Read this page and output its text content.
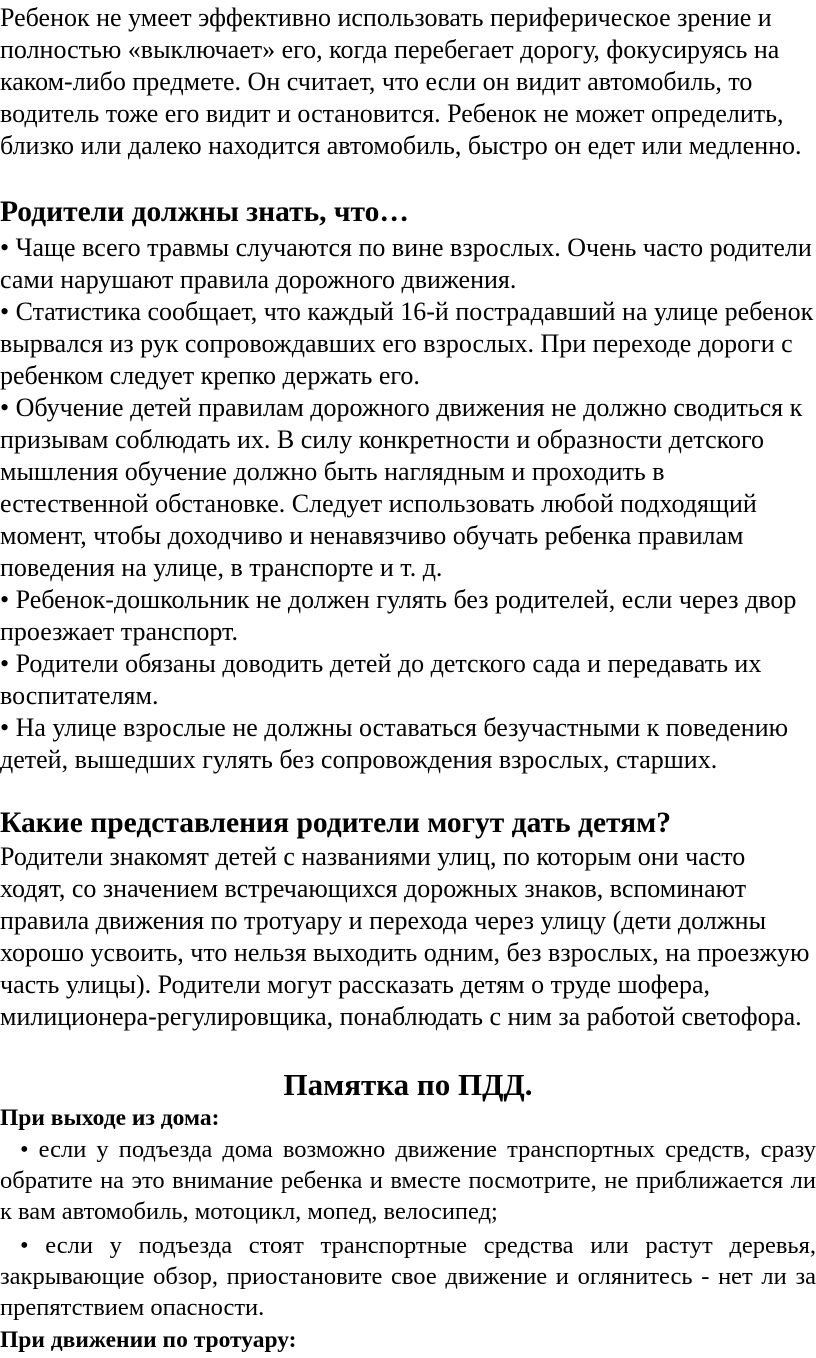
Ребенок не умеет эффективно использовать периферическое зрение и полностью «выключает» его, когда перебегает дорогу, фокусируясь на каком-либо предмете. Он считает, что если он видит автомобиль, то водитель тоже его видит и остановится. Ребенок не может определить, близко или далеко находится автомобиль, быстро он едет или медленно.

Родители должны знать, что…

• Чаще всего травмы случаются по вине взрослых. Очень часто родители сами нарушают правила дорожного движения.

• Статистика сообщает, что каждый 16-й пострадавший на улице ребенок вырвался из рук сопровождавших его взрослых. При переходе дороги с ребенком следует крепко держать его.

• Обучение детей правилам дорожного движения не должно сводиться к призывам соблюдать их. В силу конкретности и образности детского мышления обучение должно быть наглядным и проходить в естественной обстановке. Следует использовать любой подходящий момент, чтобы доходчиво и ненавязчиво обучать ребенка правилам поведения на улице, в транспорте и т. д.

• Ребенок-дошкольник не должен гулять без родителей, если через двор проезжает транспорт.

• Родители обязаны доводить детей до детского сада и передавать их воспитателям.

• На улице взрослые не должны оставаться безучастными к поведению детей, вышедших гулять без сопровождения взрослых, старших.

Какие представления родители могут дать детям?

Родители знакомят детей с названиями улиц, по которым они часто ходят, со значением встречающихся дорожных знаков, вспоминают правила движения по тротуару и перехода через улицу (дети должны хорошо усвоить, что нельзя выходить одним, без взрослых, на проезжую часть улицы). Родители могут рассказать детям о труде шофера, милиционера-регулировщика, понаблюдать с ним за работой светофора.

Памятка по ПДД.
При выходе из дома:

• если у подъезда дома возможно движение транспортных средств, сразу обратите на это внимание ребенка и вместе посмотрите, не приближается ли к вам автомобиль, мотоцикл, мопед, велосипед;

• если у подъезда стоят транспортные средства или растут деревья, закрывающие обзор, приостановите свое движение и оглянитесь - нет ли за препятствием опасности.

При движении по тротуару:
